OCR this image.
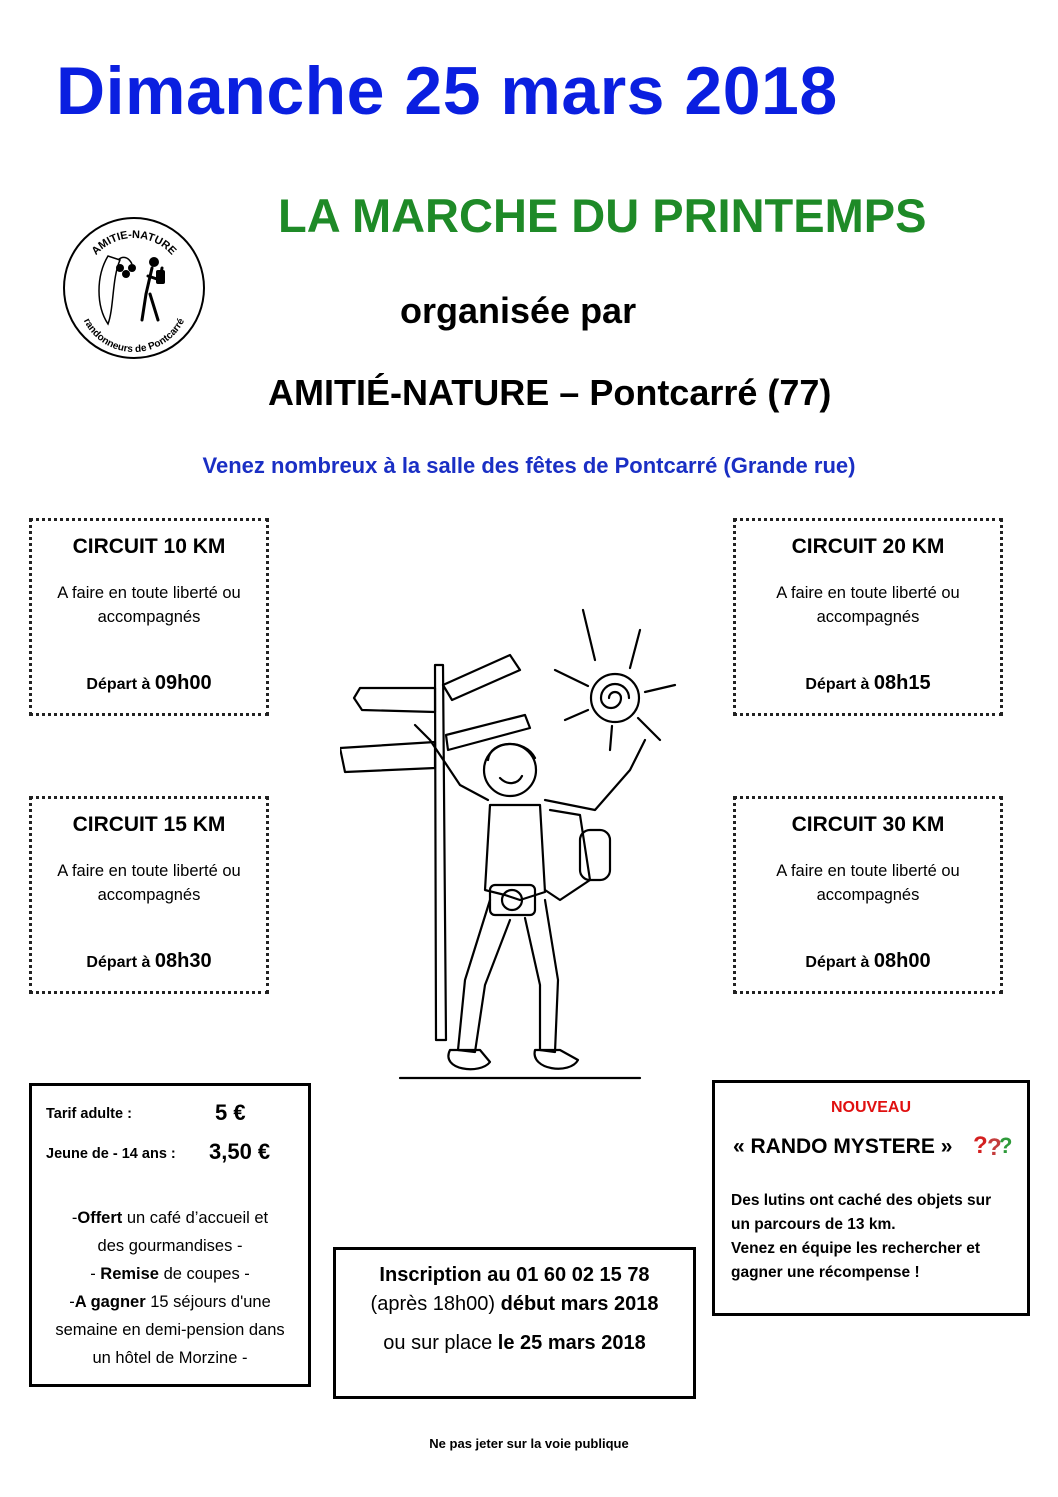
Dimanche 25 mars 2018
LA MARCHE DU PRINTEMPS
organisée par
AMITIÉ-NATURE – Pontcarré (77)
Venez nombreux à la salle des fêtes de Pontcarré (Grande rue)
AMITIE-NATURE
randonneurs de Pontcarré
CIRCUIT 10 KM
A faire en toute liberté ou
accompagnés
Départ à 09h00
CIRCUIT 20 KM
A faire en toute liberté ou
accompagnés
Départ à 08h15
CIRCUIT 15 KM
A faire en toute liberté ou
accompagnés
Départ à 08h30
CIRCUIT 30 KM
A faire en toute liberté ou
accompagnés
Départ à 08h00
Tarif adulte :	5 €
Jeune de - 14 ans : 3,50 €
-Offert un café d’accueil et
des gourmandises -
- Remise de coupes -
-A gagner 15 séjours d'une
semaine en demi-pension dans
un hôtel de Morzine -
Inscription au 01 60 02 15 78
(après 18h00) début mars 2018
ou sur place le 25 mars 2018
NOUVEAU
« RANDO MYSTERE » ? ?
?
Des lutins ont caché des objets sur
un parcours de 13 km.
Venez en équipe les rechercher et
gagner une récompense !
Ne pas jeter sur la voie publique
